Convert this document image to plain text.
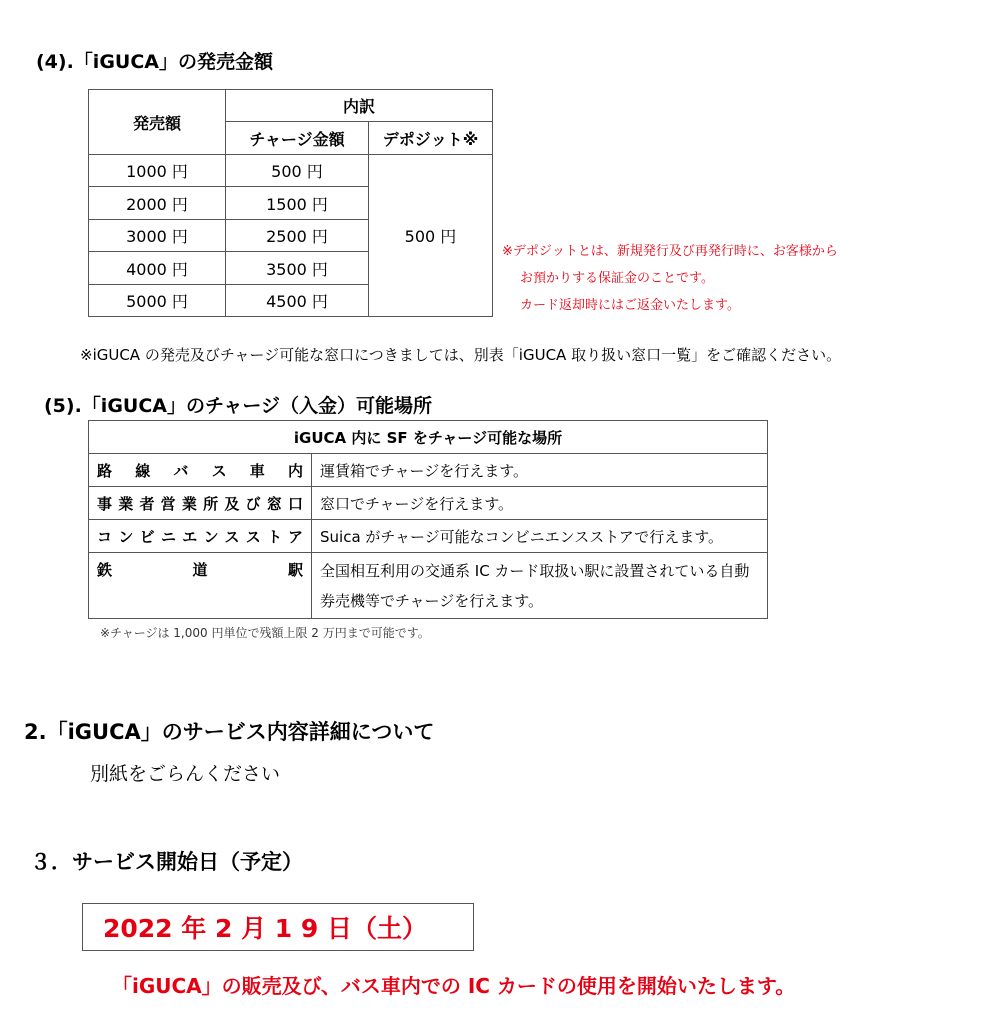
(4).「iGUCA」の発売金額
発売額	内訳	
	チャージ金額	デポジット※
1000 円	500 円	500 円
2000 円	1500 円	
3000 円	2500 円	
4000 円	3500 円	
5000 円	4500 円	
※デポジットとは、新規発行及び再発行時に、お客様から
お預かりする保証金のことです。
カード返却時にはご返金いたします。
※iGUCA の発売及びチャージ可能な窓口につきましては、別表「iGUCA 取り扱い窓口一覧」をご確認ください。
(5).「iGUCA」のチャージ（入金）可能場所
iGUCA 内に SF をチャージ可能な場所	
路線バス車内	運賃箱でチャージを行えます。
事業者営業所及び窓口	窓口でチャージを行えます。
コンビニエンスストア	Suica がチャージ可能なコンビニエンスストアで行えます。
鉄道駅	全国相互利用の交通系 IC カード取扱い駅に設置されている自動券売機等でチャージを行えます。
※チャージは 1,000 円単位で残額上限 2 万円まで可能です。
2.「iGUCA」のサービス内容詳細について
別紙をごらんください
３．サービス開始日（予定）
2022 年 2 月 1 9 日（土）
「iGUCA」の販売及び、バス車内での IC カードの使用を開始いたします。
